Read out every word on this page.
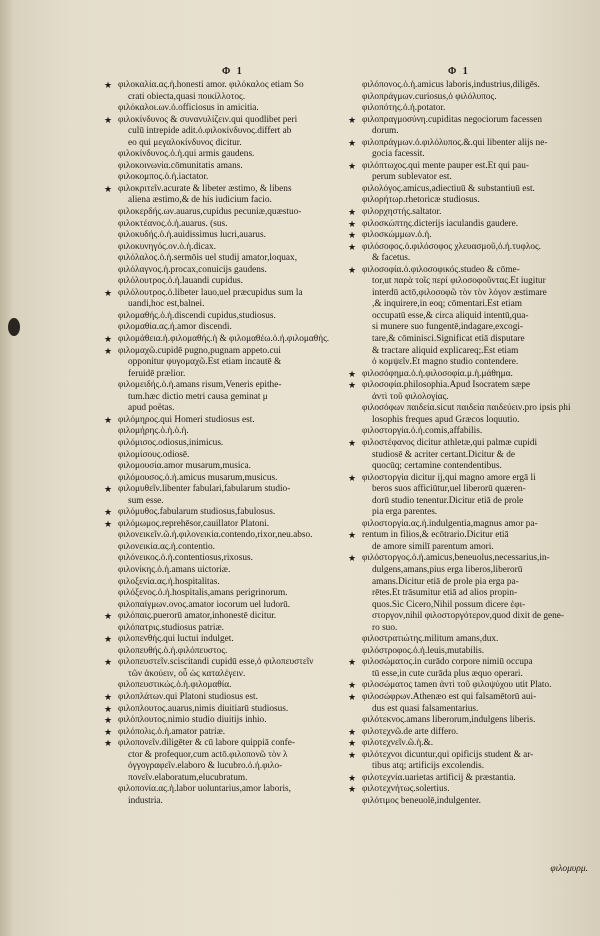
Φ 1	Φ 1
★ φιλοκαλία.ας.ἡ.honesti amor. φιλόκαλος etiam So
crati obiecta,quasi ποικίλλοτος.
φιλόκαλοι.ων.ὁ.officiosus in amicitia.
★ φιλοκίνδυνος & συνανυλίζειν.qui quodlibet peri
culū intrepide adit.ὁ.φιλοκίνδυνος.differt ab
eo qui μεγαλοκίνδυνος dicitur.
φιλοκίνδυνος.ὁ.ἡ.qui armis gaudens.
φιλοκοινωνία.cōmunitatis amans.
φιλοκομπος.ὁ.ἡ.iactator.
★ φιλοκριτεῖν.acurate & libeter æstimo, & libens
aliena æstimo,& de his iudicium facio.
φιλοκερδής.ων.auarus,cupidus pecuniæ,quæstuo-
φιλοκτέανος.ὁ.ἡ.auarus. (sus.
φιλοκυδής.ὁ.ἡ.auidissimus lucri,auarus.
φιλοκυνηγός.ον.ὁ.ἡ.dicax.
φιλόλαλος.ὁ.ἡ.sermōis uel studij amator,loquax,
φιλόλαγνος.ἡ.procax,conuicijs gaudens.
φιλόλουτρος.ὁ.ἡ.lauandi cupidus.
★ φιλόλουτρος.ὁ.libeter lauo,uel præcupidus sum la
uandi,hoc est,balnei.
φιλομαθής.ὁ.ἡ.discendi cupidus,studiosus.
φιλομαθία.ας.ἡ.amor discendi.
★ φιλομάθεια.ἡ.φιλομαθής.ἡ & φιλομαθέω.ὁ.ἡ.φιλομαθής.
★ φιλομαχῶ.cupidē pugno,pugnam appeto.cui
opponitur φυγομαχῶ.Est etiam incautē &
feruidē prælior.
φιλομειδής.ὁ.ἡ.amans risum,Veneris epithe-
tum.hæc dictio metri causa geminat μ
apud poëtas.
★ φιλόμηρος.qui Homeri studiosus est.
φιλομήρης.ὁ.ἡ.ὁ.ἡ.
φιλόμισος.odiosus,inimicus.
φιλομίσους.odiosē.
φιλομουσία.amor musarum,musica.
φιλόμουσος.ὁ.ἡ.amicus musarum,musicus.
★ φιλομυθεῖν.libenter fabulari,fabularum studio-
sum esse.
★ φιλόμυθος.fabularum studiosus,fabulosus.
★ φιλόμωμος.reprehēsor,cauillator Platoni.
φιλονεικεῖν.ῶ.ἡ.φιλονεικία.contendo,rixor,neu.abso.
φιλονεικία.ας.ἡ.contentio.
φιλόνεικος.ὁ.ἡ.contentiosus,rixosus.
φιλονίκης.ὁ.ἡ.amans uictoriæ.
φιλοξενία.ας.ἡ.hospitalitas.
φιλόξενος.ὁ.ἡ.hospitalis,amans perigrinorum.
φιλοπαίγμων.ονος.amator iocorum uel ludorū.
★ φιλόπαις.puerorū amator,inhonestē dicitur.
φιλόπατρις.studiosus patriæ.
★ φιλοπενθής.qui luctui indulget.
φιλοπευθής.ὁ.ἡ.φιλόπευστος.
★ φιλοπευστεῖν.sciscitandi cupidū esse,ὁ φιλοπευστεῖν
τῶν ἀκούειν, οὗ ὡς καταλέγειν.
φιλοπευστικώς.ὁ.ἡ.φιλομαθία.
★ φιλοπλάτων.qui Platoni studiosus est.
★ φιλοπλουτος.auarus,nimis diuitiarū studiosus.
★ φιλόπλουτος.nimio studio diuitijs inhio.
★ φιλόπολις.ὁ.ἡ.amator patriæ.
★ φιλοπονεῖν.diligēter & cū labore quippiā confe-
ctor & profequor,cum actō.φιλοπονῶ τὸν λ
ὁγγογραφεῖν.elaboro & lucubro.ὁ.ἡ.φιλο-
πονεῖν.elaboratum,elucubratum.
φιλοπονία.ας.ἡ.labor uoluntarius,amor laboris,
industria.
φιλόπονος.ὁ.ἡ.amicus laboris,industrius,diligēs.
φιλοπράγμων.curiosus,ὁ φιλόλυπος.
φιλοπότης.ὁ.ἡ.potator.
★ φιλοπραγμοσύνη.cupiditas negociorum facessen
dorum.
★ φιλοπράγμων.ὁ.φιλόλυπος.&.qui libenter alijs ne-
gocia facessit.
★ φιλόπτωχος.qui mente pauper est.Et qui pau-
perum sublevator est.
φιλολόγος.amicus,adiectiuū & substantiuū est.
φιλορήτωρ.rhetoricæ studiosus.
★ φιλορχηστής.saltator.
★ φιλοσκώπτης.dicterijs iaculandis gaudere.
★ φιλοσκώμμων.ὁ.ἡ.
★ φιλόσοφος.ὁ.φιλόσοφος χλευασμοῦ,ὁ.ἡ.τυφλος.
& facetus.
★ φιλοσοφία.ὁ.φιλοσοφικός.studeo & cōme-
tor,ut παρὰ τοῖς περί φιλοσοφοῦντας.Et iugitur
interdū actō,φιλοσοφῶ τὸν τὸν λόγον æstimare
,& inquirere,in eoq; cōmentari.Est etiam
occupatū esse,& circa aliquid intentū,qua-
si munere suo fungentē,indagare,excogi-
tare,& cōminisci.Significat etiā disputare
& tractare aliquid explicareq;.Est etiam
ὁ κομψεῖν.Et magno studio contendere.
★ φιλοσόφημα.ὁ.ἡ.φιλοσοφία.μ.ἡ.μάθημα.
★ φιλοσοφία.philosophia.Apud Isocratem sæpe
ἀντὶ τοῦ φιλολογίας.
φιλοσόφων παιδεία.sicut παιδεία παιδεύειν.pro ipsis phi
losophis freques apud Græcos loquutio.
φιλοστοργία.ὁ.ἡ.comis,affabilis.
★ φιλοστέφανος dicitur athletæ,qui palmæ cupidi
studiosē & acriter certant.Dicitur & de
quocūq; certamine contendentibus.
★ φιλοστοργία dicitur ij,qui magno amore ergā li
beros suos afficiūtur,uel liberorū quæren-
dorū studio tenentur.Dicitur etiā de prole
pia erga parentes.
φιλοστοργία.ας.ἡ.indulgentia,magnus amor pa-
★ rentum in filios,& ecōtrario.Dicitur etiā
de amore similī parentum amori.
★ φιλόστοργος.ὁ.ἡ.amicus,beneuolus,necessarius,in-
dulgens,amans,pius erga liberos,liberorū
amans.Dicitur etiā de prole pia erga pa-
rētes.Et trāsumitur etiā ad alios propin-
quos.Sic Cicero,Nihil possum dicere ἐφι-
στοργον,nihil φιλοστοργότερον,quod dixit de gene-
ro suo.
φιλοστρατιώτης.militum amans,dux.
φιλόστροφος.ὁ.ἡ.leuis,mutabilis.
★ φιλοσώματος.in curādo corpore nimiū occupa
tū esse,in cute curāda plus æquo operari.
★ φιλοσώματος tamen ἀντὶ τοῦ φιλοψύχου utit Plato.
★ φιλοσώφρων.Athenæo est qui falsamētorū aui-
dus est quasi falsamentarius.
φιλότεκνος.amans liberorum,indulgens liberis.
★ φιλοτεχνῶ.de arte differo.
★ φιλοτεχνεῖν.ῶ.ἡ.&.
★ φιλότεχνοι dicuntur,qui opificijs student & ar-
tibus atq; artificijs excolendis.
★ φιλοτεχνία.uarietas artificij & præstantia.
★ φιλοτεχνήτως.solertius.
φιλότιμος beneuolē,indulgenter.
φιλομυρμ.
